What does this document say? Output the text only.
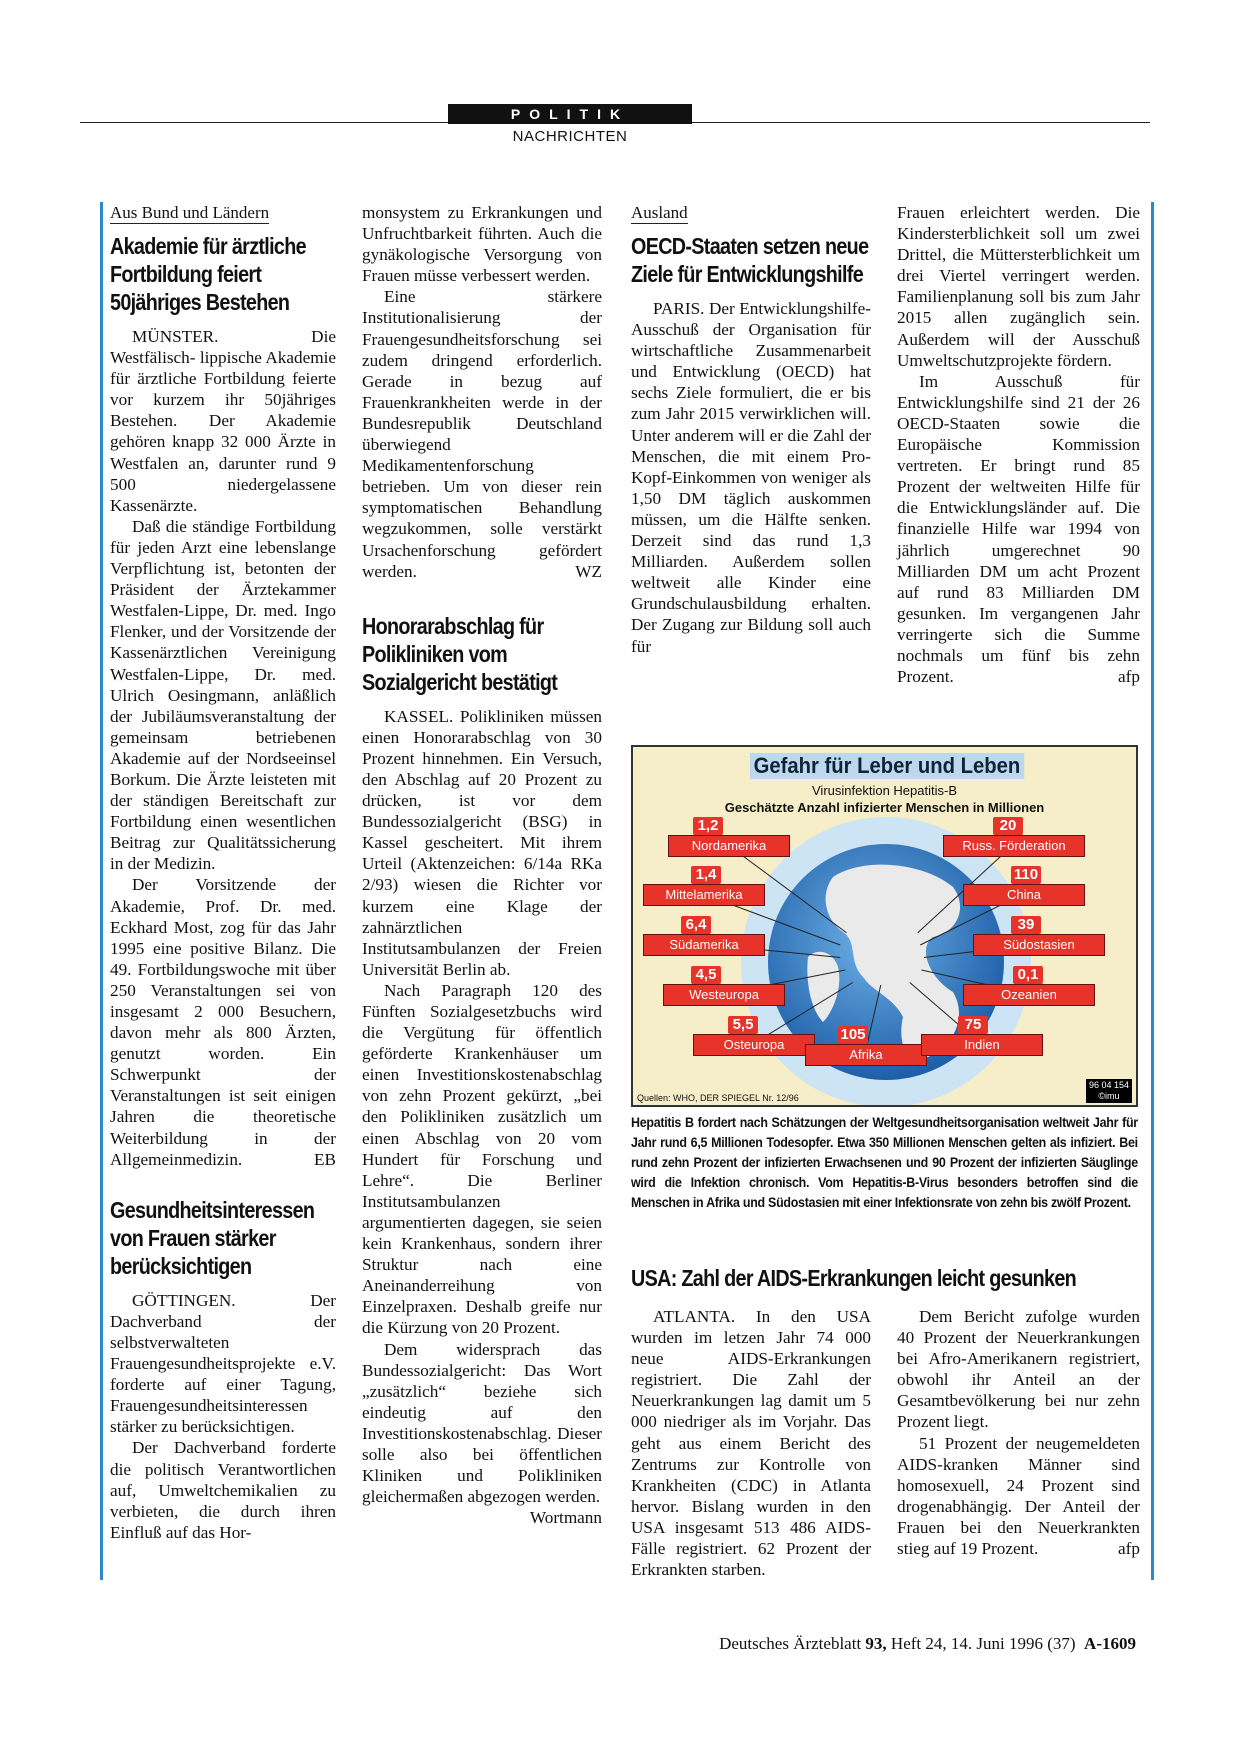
POLITIK
NACHRICHTEN
Aus Bund und Ländern
Akademie für ärztliche Fortbildung feiert 50jähriges Bestehen

MÜNSTER. Die Westfälisch- lippische Akademie für ärztliche Fortbildung feierte vor kurzem ihr 50jähriges Bestehen. Der Akademie gehören knapp 32 000 Ärzte in Westfalen an, darunter rund 9 500 niedergelassene Kassenärzte.

Daß die ständige Fortbildung für jeden Arzt eine lebenslange Verpflichtung ist, betonten der Präsident der Ärztekammer Westfalen-Lippe, Dr. med. Ingo Flenker, und der Vorsitzende der Kassenärztlichen Vereinigung Westfalen-Lippe, Dr. med. Ulrich Oesingmann, anläßlich der Jubiläumsveranstaltung der gemeinsam betriebenen Akademie auf der Nordseeinsel Borkum. Die Ärzte leisteten mit der ständigen Bereitschaft zur Fortbildung einen wesentlichen Beitrag zur Qualitätssicherung in der Medizin.

Der Vorsitzende der Akademie, Prof. Dr. med. Eckhard Most, zog für das Jahr 1995 eine positive Bilanz. Die 49. Fortbildungswoche mit über 250 Veranstaltungen sei von insgesamt 2 000 Besuchern, davon mehr als 800 Ärzten, genutzt worden. Ein Schwerpunkt der Veranstaltungen ist seit einigen Jahren die theoretische Weiterbildung in der Allgemeinmedizin.	EB

Gesundheitsinteressen von Frauen stärker berücksichtigen

GÖTTINGEN. Der Dachverband der selbstverwalteten Frauengesundheitsprojekte e.V. forderte auf einer Tagung, Frauengesundheitsinteressen stärker zu berücksichtigen.

Der Dachverband forderte die politisch Verantwortlichen auf, Umweltchemikalien zu verbieten, die durch ihren Einfluß auf das Hor-

monsystem zu Erkrankungen und Unfruchtbarkeit führten. Auch die gynäkologische Versorgung von Frauen müsse verbessert werden.

Eine stärkere Institutionalisierung der Frauengesundheitsforschung sei zudem dringend erforderlich. Gerade in bezug auf Frauenkrankheiten werde in der Bundesrepublik Deutschland überwiegend Medikamentenforschung betrieben. Um von dieser rein symptomatischen Behandlung wegzukommen, solle verstärkt Ursachenforschung gefördert werden.	WZ

Honorarabschlag für Polikliniken vom Sozialgericht bestätigt

KASSEL. Polikliniken müssen einen Honorarabschlag von 30 Prozent hinnehmen. Ein Versuch, den Abschlag auf 20 Prozent zu drücken, ist vor dem Bundessozialgericht (BSG) in Kassel gescheitert. Mit ihrem Urteil (Aktenzeichen: 6/14a RKa 2/93) wiesen die Richter vor kurzem eine Klage der zahnärztlichen Institutsambulanzen der Freien Universität Berlin ab.

Nach Paragraph 120 des Fünften Sozialgesetzbuchs wird die Vergütung für öffentlich geförderte Krankenhäuser um einen Investitionskostenabschlag von zehn Prozent gekürzt, „bei den Polikliniken zusätzlich um einen Abschlag von 20 vom Hundert für Forschung und Lehre“. Die Berliner Institutsambulanzen argumentierten dagegen, sie seien kein Krankenhaus, sondern ihrer Struktur nach eine Aneinanderreihung von Einzelpraxen. Deshalb greife nur die Kürzung von 20 Prozent.

Dem widersprach das Bundessozialgericht: Das Wort „zusätzlich“ beziehe sich eindeutig auf den Investitionskostenabschlag. Dieser solle also bei öffentlichen Kliniken und Polikliniken gleichermaßen abgezogen werden.
Wortmann

Ausland
OECD-Staaten setzen neue Ziele für Entwicklungshilfe

PARIS. Der Entwicklungshilfe-Ausschuß der Organisation für wirtschaftliche Zusammenarbeit und Entwicklung (OECD) hat sechs Ziele formuliert, die er bis zum Jahr 2015 verwirklichen will. Unter anderem will er die Zahl der Menschen, die mit einem Pro-Kopf-Einkommen von weniger als 1,50 DM täglich auskommen müssen, um die Hälfte senken. Derzeit sind das rund 1,3 Milliarden. Außerdem sollen weltweit alle Kinder eine Grundschulausbildung erhalten. Der Zugang zur Bildung soll auch für

Frauen erleichtert werden. Die Kindersterblichkeit soll um zwei Drittel, die Müttersterblichkeit um drei Viertel verringert werden. Familienplanung soll bis zum Jahr 2015 allen zugänglich sein. Außerdem will der Ausschuß Umweltschutzprojekte fördern.

Im Ausschuß für Entwicklungshilfe sind 21 der 26 OECD-Staaten sowie die Europäische Kommission vertreten. Er bringt rund 85 Prozent der weltweiten Hilfe für die Entwicklungsländer auf. Die finanzielle Hilfe war 1994 von jährlich umgerechnet 90 Milliarden DM um acht Prozent auf rund 83 Milliarden DM gesunken. Im vergangenen Jahr verringerte sich die Summe nochmals um fünf bis zehn Prozent.	afp

Gefahr für Leber und Leben
Virusinfektion Hepatitis-B
Geschätzte Anzahl infizierter Menschen in Millionen
1,2
Nordamerika
1,4
Mittelamerika
6,4
Südamerika
4,5
Westeuropa
5,5
Osteuropa
105
Afrika
75
Indien
0,1
Ozeanien
39
Südostasien
110
China
20
Russ. Förderation
Quellen: WHO, DER SPIEGEL Nr. 12/96
96 04 154
©imu
Hepatitis B fordert nach Schätzungen der Weltgesundheitsorganisation weltweit Jahr für Jahr rund 6,5 Millionen Todesopfer. Etwa 350 Millionen Menschen gelten als infiziert. Bei rund zehn Prozent der infizierten Erwachsenen und 90 Prozent der infizierten Säuglinge wird die Infektion chronisch. Vom Hepatitis-B-Virus besonders betroffen sind die Menschen in Afrika und Südostasien mit einer Infektionsrate von zehn bis zwölf Prozent.
USA: Zahl der AIDS-Erkrankungen leicht gesunken

ATLANTA. In den USA wurden im letzen Jahr 74 000 neue AIDS-Erkrankungen registriert. Die Zahl der Neuerkrankungen lag damit um 5 000 niedriger als im Vorjahr. Das geht aus einem Bericht des Zentrums zur Kontrolle von Krankheiten (CDC) in Atlanta hervor. Bislang wurden in den USA insgesamt 513 486 AIDS-Fälle registriert. 62 Prozent der Erkrankten starben.

Dem Bericht zufolge wurden 40 Prozent der Neuerkrankungen bei Afro-Amerikanern registriert, obwohl ihr Anteil an der Gesamtbevölkerung bei nur zehn Prozent liegt.

51 Prozent der neugemeldeten AIDS-kranken Männer sind homosexuell, 24 Prozent sind drogenabhängig. Der Anteil der Frauen bei den Neuerkrankten stieg auf 19 Prozent.	afp

Deutsches Ärzteblatt 93, Heft 24, 14. Juni 1996 (37) A-1609
